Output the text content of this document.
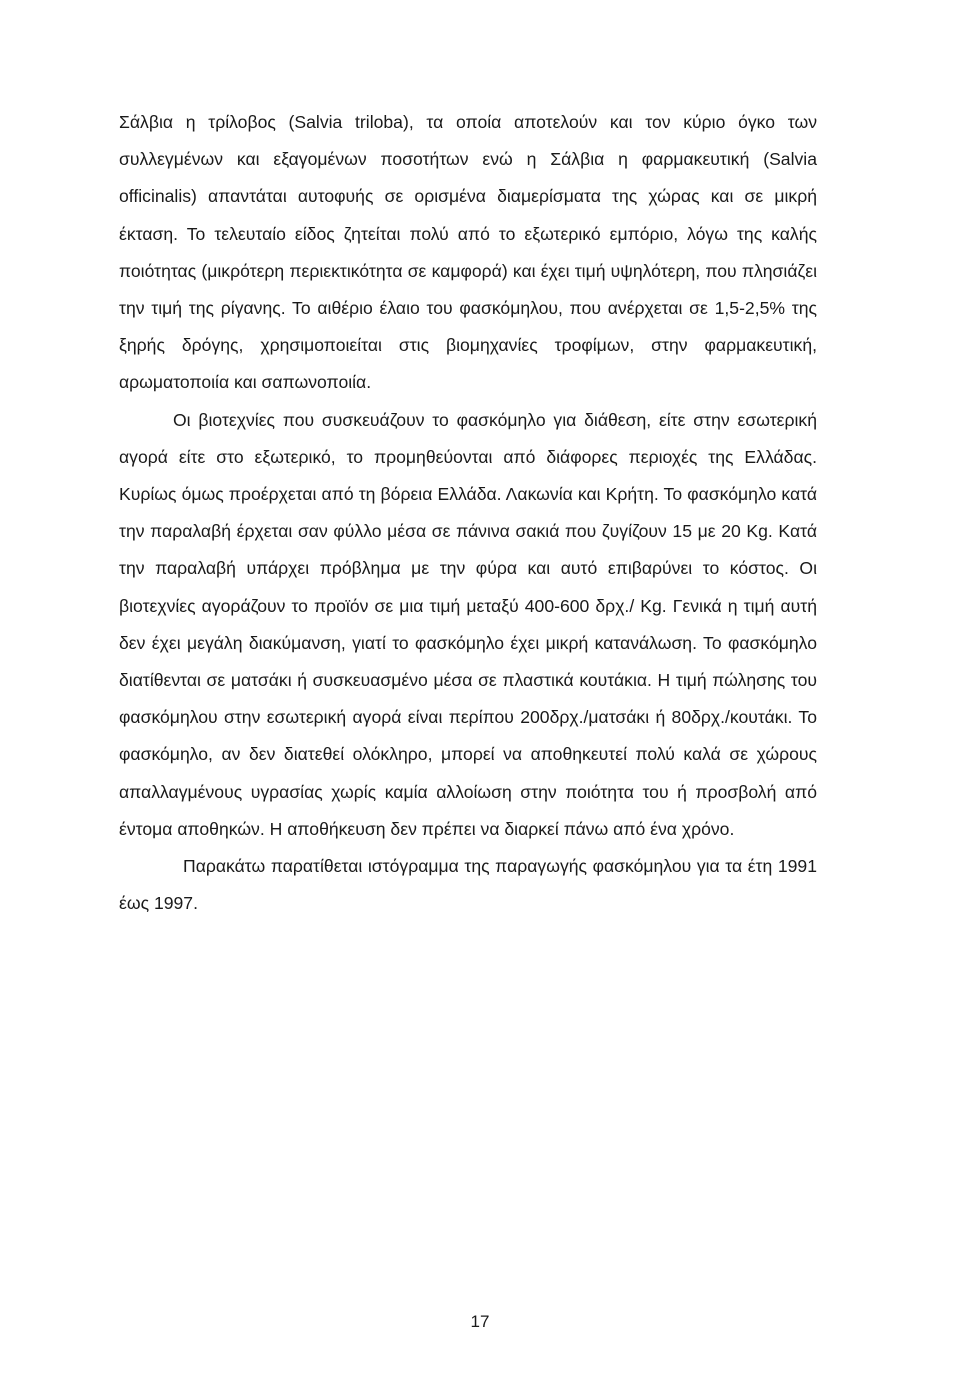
Σάλβια η τρίλοβος (Salvia triloba), τα οποία αποτελούν και τον κύριο όγκο των συλλεγμένων και εξαγομένων ποσοτήτων ενώ η Σάλβια η φαρμακευτική (Salvia officinalis) απαντάται αυτοφυής σε ορισμένα διαμερίσματα της χώρας και σε μικρή έκταση. Το τελευταίο είδος ζητείται πολύ από το εξωτερικό εμπόριο, λόγω της καλής ποιότητας (μικρότερη περιεκτικότητα σε καμφορά) και έχει τιμή υψηλότερη, που πλησιάζει την τιμή της ρίγανης. Το αιθέριο έλαιο του φασκόμηλου, που ανέρχεται σε 1,5-2,5% της ξηρής δρόγης, χρησιμοποιείται στις βιομηχανίες τροφίμων, στην φαρμακευτική, αρωματοποιία και σαπωνοποιία.

Οι βιοτεχνίες που συσκευάζουν το φασκόμηλο για διάθεση, είτε στην εσωτερική αγορά είτε στο εξωτερικό, το προμηθεύονται από διάφορες περιοχές της Ελλάδας. Κυρίως όμως προέρχεται από τη βόρεια Ελλάδα. Λακωνία και Κρήτη. Το φασκόμηλο κατά την παραλαβή έρχεται σαν φύλλο μέσα σε πάνινα σακιά που ζυγίζουν 15 με 20 Kg. Κατά την παραλαβή υπάρχει πρόβλημα με την φύρα και αυτό επιβαρύνει το κόστος. Οι βιοτεχνίες αγοράζουν το προϊόν σε μια τιμή μεταξύ 400-600 δρχ./ Kg. Γενικά η τιμή αυτή δεν έχει μεγάλη διακύμανση, γιατί το φασκόμηλο έχει μικρή κατανάλωση. Το φασκόμηλο διατίθενται σε ματσάκι ή συσκευασμένο μέσα σε πλαστικά κουτάκια. Η τιμή πώλησης του φασκόμηλου στην εσωτερική αγορά είναι περίπου 200δρχ./ματσάκι ή 80δρχ./κουτάκι. Το φασκόμηλο, αν δεν διατεθεί ολόκληρο, μπορεί να αποθηκευτεί πολύ καλά σε χώρους απαλλαγμένους υγρασίας χωρίς καμία αλλοίωση στην ποιότητα του ή προσβολή από έντομα αποθηκών. Η αποθήκευση δεν πρέπει να διαρκεί πάνω από ένα χρόνο.

Παρακάτω παρατίθεται ιστόγραμμα της παραγωγής φασκόμηλου για τα έτη 1991 έως 1997.

17
